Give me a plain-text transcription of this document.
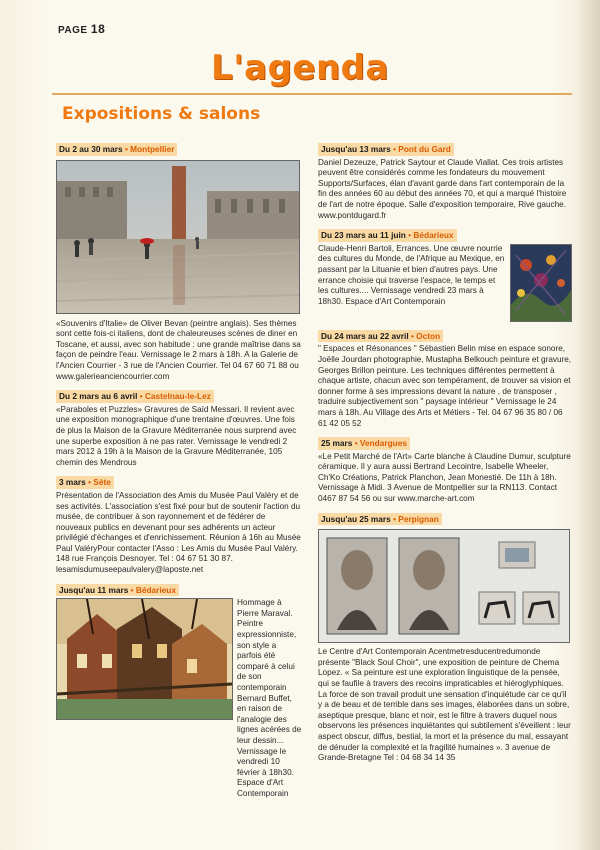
PAGE 18
L'agenda
Expositions & salons
Du 2 au 30 mars • Montpellier

«Souvenirs d'Italie» de Oliver Bevan (peintre anglais). Ses thèmes sont cette fois-ci italiens, dont de chaleureuses scènes de diner en Toscane, et aussi, avec son habitude : une grande maîtrise dans sa façon de peindre l'eau. Vernissage le 2 mars à 18h. A la Galerie de l'Ancien Courrier - 3 rue de l'Ancien Courrier. Tel 04 67 60 71 88 ou www.galerieanciencourrier.com

Du 2 mars au 6 avril • Castelnau-le-Lez

«Paraboles et Puzzles» Gravures de Saïd Messari. Il revient avec une exposition monographique d'une trentaine d'œuvres. Une fois de plus la Maison de la Gravure Méditerranée nous surprend avec une superbe exposition à ne pas rater. Vernissage le vendredi 2 mars 2012 à 19h à la Maison de la Gravure Méditerranée, 105 chemin des Mendrous

3 mars • Sète

Présentation de l'Association des Amis du Musée Paul Valéry et de ses activités. L'association s'est fixé pour but de soutenir l'action du musée, de contribuer à son rayonnement et de fédérer de nouveaux publics en devenant pour ses adhérents un acteur privilégié d'échanges et d'enrichissement. Réunion à 16h au Musée Paul ValéryPour contacter l'Asso : Les Amis du Musée Paul Valéry. 148 rue François Desnoyer. Tel : 04 67 51 30 87. lesamisdumuseepaulvalery@laposte.net

Jusqu'au 11 mars • Bédarieux

Hommage à Pierre Maraval. Peintre expressionniste, son style a parfois été comparé à celui de son contemporain Bernard Buffet, en raison de l'analogie des lignes acérées de leur dessin... Vernissage le vendredi 10 février à 18h30. Espace d'Art Contemporain

Jusqu'au 13 mars • Pont du Gard

Daniel Dezeuze, Patrick Saytour et Claude Viallat. Ces trois artistes peuvent être considérés comme les fondateurs du mouvement Supports/Surfaces, élan d'avant garde dans l'art contemporain de la fin des années 60 au début des années 70, et qui a marqué l'histoire de l'art de notre époque. Salle d'exposition temporaire, Rive gauche. www.pontdugard.fr

Du 23 mars au 11 juin • Bédarieux

Claude-Henri Bartoli, Errances. Une œuvre nourrie des cultures du Monde, de l'Afrique au Mexique, en passant par la Lituanie et bien d'autres pays. Une errance choisie qui traverse l'espace, le temps et les cultures.... Vernissage vendredi 23 mars à 18h30. Espace d'Art Contemporain

Du 24 mars au 22 avril • Octon

" Espaces et Résonances " Sébastien Belin mise en espace sonore, Joëlle Jourdan photographie, Mustapha Belkouch peinture et gravure, Georges Brillon peinture. Les techniques différentes permettent à chaque artiste, chacun avec son tempérament, de trouver sa vision et donner forme à ses impressions devant la nature , de transposer , traduire subjectivement son " paysage intérieur " Vernissage le 24 mars à 18h. Au Village des Arts et Métiers - Tel. 04 67 96 35 80 / 06 61 42 05 52

25 mars • Vendargues

«Le Petit Marché de l'Art» Carte blanche à Claudine Dumur, sculpture céramique. Il y aura aussi Bertrand Lecointre, Isabelle Wheeler, Ch'Ko Créations, Patrick Planchon, Jean Monestié. De 11h à 18h. Vernissage à Midi. 3 Avenue de Montpellier sur la RN113. Contact 0467 87 54 56 ou sur www.marche-art.com

Jusqu'au 25 mars • Perpignan

Le Centre d'Art Contemporain Acentmetresducentredumonde présente "Black Soul Choir", une exposition de peinture de Chema Lopez. « Sa peinture est une exploration linguistique de la pensée, qui se faufile à travers des recoins impraticables et hiéroglyphiques. La force de son travail produit une sensation d'inquiétude car ce qu'il y a de beau et de terrible dans ses images, élaborées dans un sobre, aseptique presque, blanc et noir, est le filtre à travers duquel nous observons les présences inquiétantes qui subtilement s'éveillent : leur aspect obscur, diffus, bestial, la mort et la présence du mal, essayant de dénuder la complexité et la fragilité humaines ». 3 avenue de Grande-Bretagne Tel : 04 68 34 14 35
